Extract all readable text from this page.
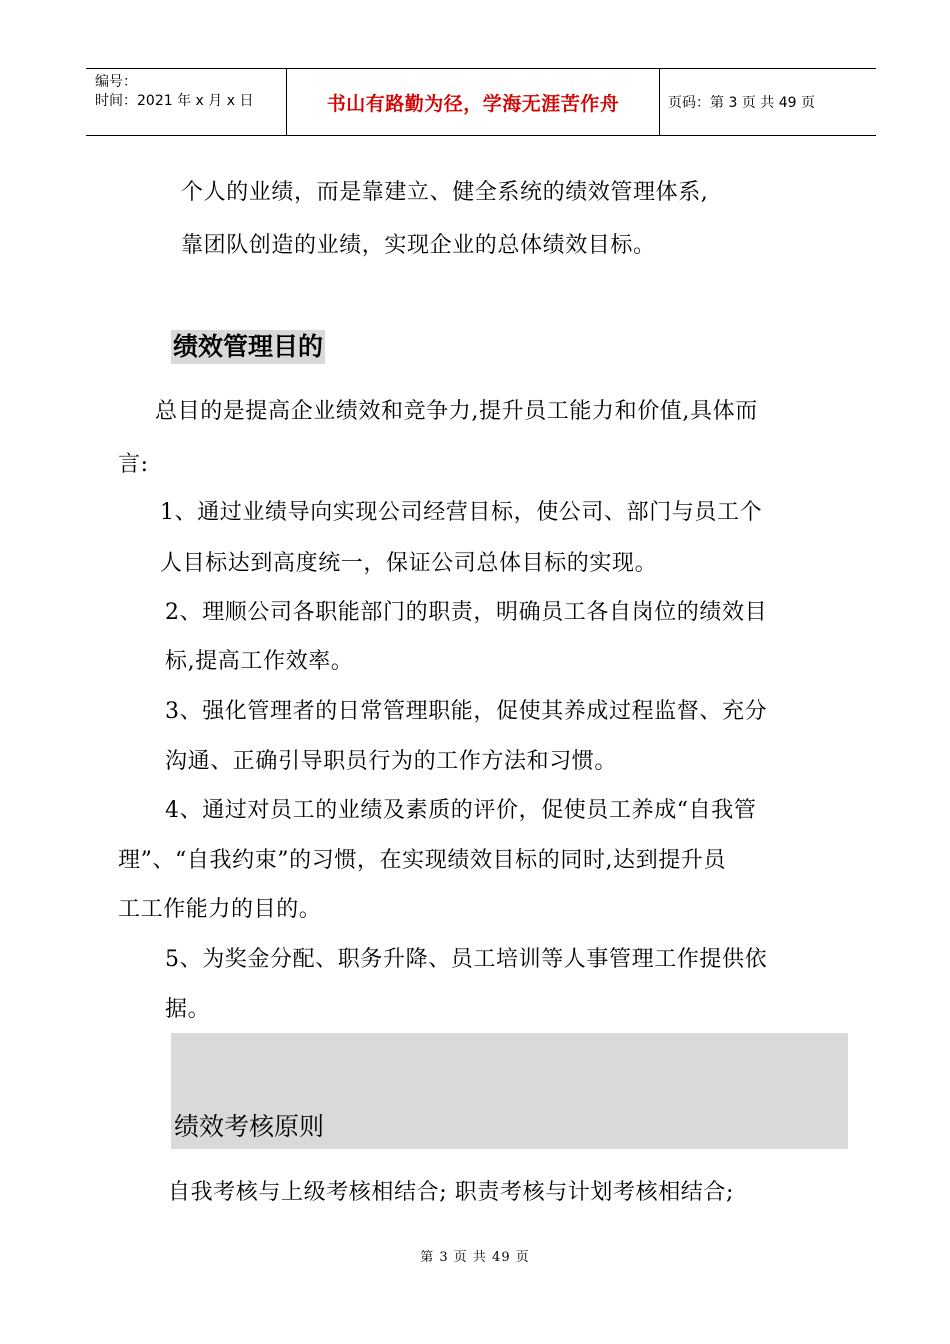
编号：
时间：2021 年 x 月 x 日	书山有路勤为径，学海无涯苦作舟	页码：第 3 页 共 49 页
个人的业绩，而是靠建立、健全系统的绩效管理体系,
靠团队创造的业绩，实现企业的总体绩效目标。
绩效管理目的
总目的是提高企业绩效和竞争力,提升员工能力和价值,具体而
言:
1、通过业绩导向实现公司经营目标，使公司、部门与员工个
人目标达到高度统一，保证公司总体目标的实现。
2、理顺公司各职能部门的职责，明确员工各自岗位的绩效目
标,提高工作效率。
3、强化管理者的日常管理职能，促使其养成过程监督、充分
沟通、正确引导职员行为的工作方法和习惯。
4、通过对员工的业绩及素质的评价，促使员工养成“自我管
理”、“自我约束”的习惯，在实现绩效目标的同时,达到提升员
工工作能力的目的。
5、为奖金分配、职务升降、员工培训等人事管理工作提供依
据。
绩效考核原则
自我考核与上级考核相结合; 职责考核与计划考核相结合;
第 3 页 共 49 页
